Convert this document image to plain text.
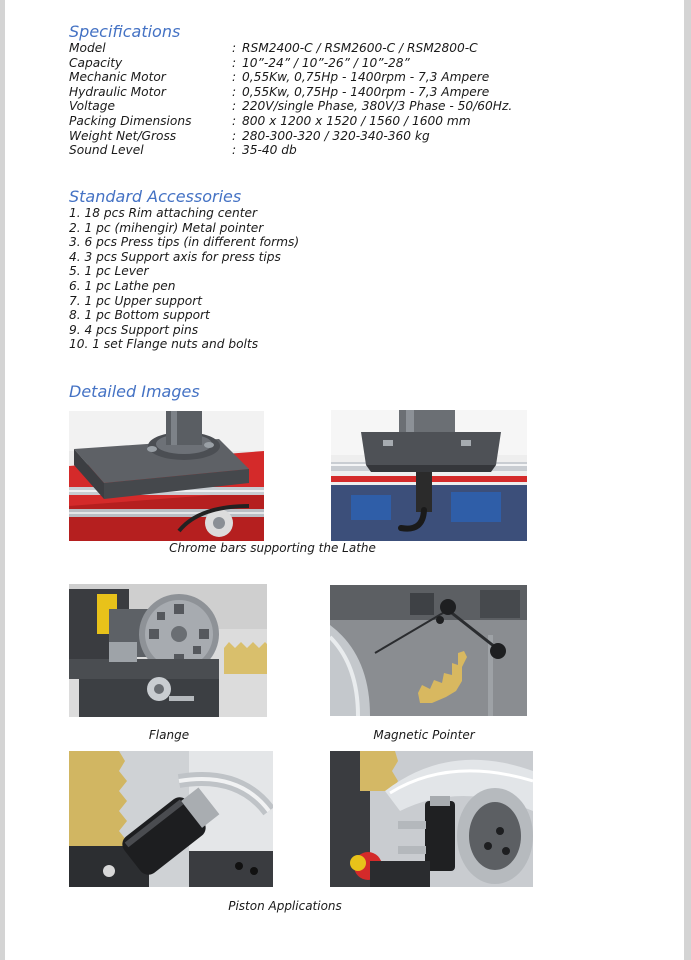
Specifications
Model	: RSM2400-C / RSM2600-C / RSM2800-C
Capacity	: 10”-24” / 10”-26” / 10”-28”
Mechanic Motor	: 0,55Kw, 0,75Hp - 1400rpm - 7,3 Ampere
Hydraulic Motor	: 0,55Kw, 0,75Hp - 1400rpm - 7,3 Ampere
Voltage	: 220V/single Phase, 380V/3 Phase - 50/60Hz.
Packing Dimensions	: 800 x 1200 x 1520 / 1560 / 1600 mm
Weight Net/Gross	: 280-300-320 / 320-340-360 kg
Sound Level	: 35-40 db
Standard Accessories
1. 18 pcs Rim attaching center
2. 1 pc (mihengir) Metal pointer
3. 6 pcs Press tips (in different forms)
4. 3 pcs Support axis for press tips
5. 1 pc Lever
6. 1 pc Lathe pen
7. 1 pc Upper support
8. 1 pc Bottom support
9. 4 pcs Support pins
10. 1 set Flange nuts and bolts
Detailed Images
Chrome bars supporting the Lathe
Flange	Magnetic Pointer
Piston Applications
